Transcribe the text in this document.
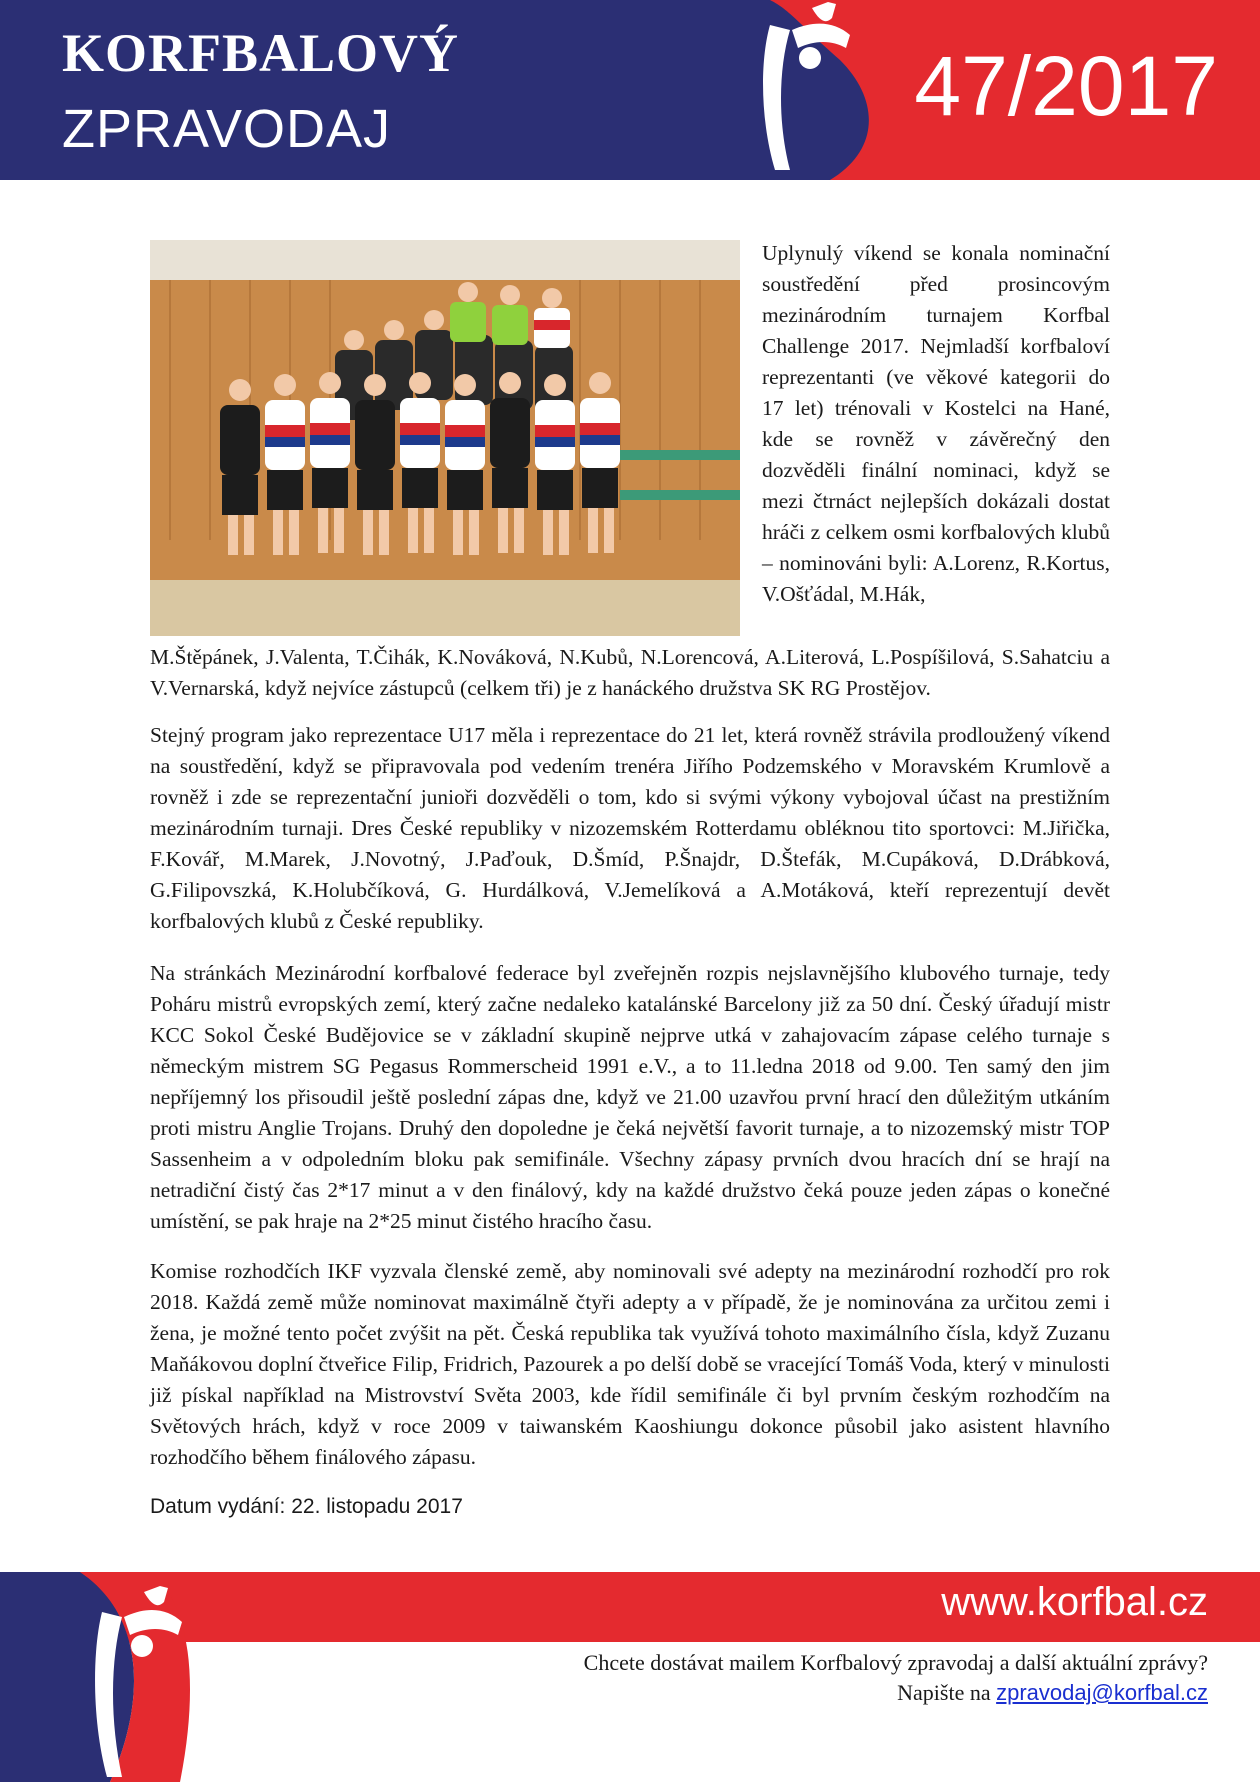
KORFBALOVÝ
ZPRAVODAJ	47/2017

Uplynulý víkend se konala nominační soustředění před prosincovým mezinárodním turnajem Korfbal Challenge 2017. Nejmladší korfbaloví reprezentanti (ve věkové kategorii do 17 let) trénovali v Kostelci na Hané, kde se rovněž v závěrečný den dozvěděli finální nominaci, když se mezi čtrnáct nejlepších dokázali dostat hráči z celkem osmi korfbalových klubů – nominováni byli: A.Lorenz, R.Kortus, V.Ošťádal, M.Hák,

M.Štěpánek, J.Valenta, T.Čihák, K.Nováková, N.Kubů, N.Lorencová, A.Literová, L.Pospíšilová, S.Sahatciu a V.Vernarská, když nejvíce zástupců (celkem tři) je z hanáckého družstva SK RG Prostějov.

Stejný program jako reprezentace U17 měla i reprezentace do 21 let, která rovněž strávila prodloužený víkend na soustředění, když se připravovala pod vedením trenéra Jiřího Podzemského v Moravském Krumlově a rovněž i zde se reprezentační junioři dozvěděli o tom, kdo si svými výkony vybojoval účast na prestižním mezinárodním turnaji. Dres České republiky v nizozemském Rotterdamu obléknou tito sportovci: M.Jiřička, F.Kovář, M.Marek, J.Novotný, J.Paďouk, D.Šmíd, P.Šnajdr, D.Štefák, M.Cupáková, D.Drábková, G.Filipovszká, K.Holubčíková, G. Hurdálková, V.Jemelíková a A.Motáková, kteří reprezentují devět korfbalových klubů z České republiky.

Na stránkách Mezinárodní korfbalové federace byl zveřejněn rozpis nejslavnějšího klubového turnaje, tedy Poháru mistrů evropských zemí, který začne nedaleko katalánské Barcelony již za 50 dní. Český úřadují mistr KCC Sokol České Budějovice se v základní skupině nejprve utká v zahajovacím zápase celého turnaje s německým mistrem SG Pegasus Rommerscheid 1991 e.V., a to 11.ledna 2018 od 9.00. Ten samý den jim nepříjemný los přisoudil ještě poslední zápas dne, když ve 21.00 uzavřou první hrací den důležitým utkáním proti mistru Anglie Trojans. Druhý den dopoledne je čeká největší favorit turnaje, a to nizozemský mistr TOP Sassenheim a v odpoledním bloku pak semifinále. Všechny zápasy prvních dvou hracích dní se hrají na netradiční čistý čas 2*17 minut a v den finálový, kdy na každé družstvo čeká pouze jeden zápas o konečné umístění, se pak hraje na 2*25 minut čistého hracího času.

Komise rozhodčích IKF vyzvala členské země, aby nominovali své adepty na mezinárodní rozhodčí pro rok 2018. Každá země může nominovat maximálně čtyři adepty a v případě, že je nominována za určitou zemi i žena, je možné tento počet zvýšit na pět. Česká republika tak využívá tohoto maximálního čísla, když Zuzanu Maňákovou doplní čtveřice Filip, Fridrich, Pazourek a po delší době se vracející Tomáš Voda, který v minulosti již pískal například na Mistrovství Světa 2003, kde řídil semifinále či byl prvním českým rozhodčím na Světových hrách, když v roce 2009 v taiwanském Kaoshiungu dokonce působil jako asistent hlavního rozhodčího během finálového zápasu.

Datum vydání: 22. listopadu 2017

www.korfbal.cz

Chcete dostávat mailem Korfbalový zpravodaj a další aktuální zprávy?

Napište na zpravodaj@korfbal.cz
